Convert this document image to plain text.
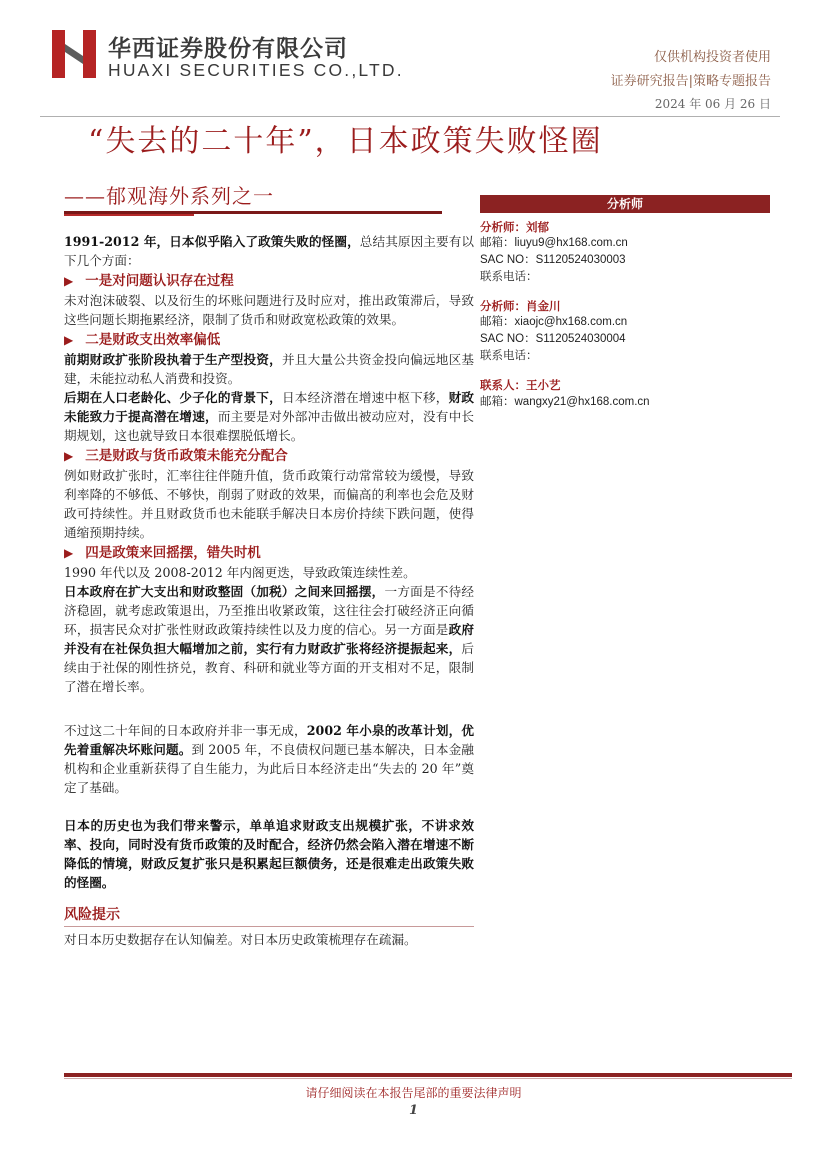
华西证券股份有限公司
HUAXI SECURITIES CO.,LTD.
仅供机构投资者使用
证券研究报告|策略专题报告
2024 年 06 月 26 日
“失去的二十年”，日本政策失败怪圈
——郁观海外系列之一

1991-2012 年，日本似乎陷入了政策失败的怪圈，总结其原因主要有以下几个方面：

▶ 一是对问题认识存在过程

未对泡沫破裂、以及衍生的坏账问题进行及时应对，推出政策滞后，导致这些问题长期拖累经济，限制了货币和财政宽松政策的效果。

▶ 二是财政支出效率偏低

前期财政扩张阶段执着于生产型投资，并且大量公共资金投向偏远地区基建，未能拉动私人消费和投资。

后期在人口老龄化、少子化的背景下，日本经济潜在增速中枢下移，财政未能致力于提高潜在增速，而主要是对外部冲击做出被动应对，没有中长期规划，这也就导致日本很难摆脱低增长。

▶ 三是财政与货币政策未能充分配合

例如财政扩张时，汇率往往伴随升值，货币政策行动常常较为缓慢，导致利率降的不够低、不够快，削弱了财政的效果，而偏高的利率也会危及财政可持续性。并且财政货币也未能联手解决日本房价持续下跌问题，使得通缩预期持续。

▶ 四是政策来回摇摆，错失时机

1990 年代以及 2008-2012 年内阁更迭，导致政策连续性差。

日本政府在扩大支出和财政整固（加税）之间来回摇摆，一方面是不待经济稳固，就考虑政策退出，乃至推出收紧政策，这往往会打破经济正向循环，损害民众对扩张性财政政策持续性以及力度的信心。另一方面是政府并没有在社保负担大幅增加之前，实行有力财政扩张将经济提振起来，后续由于社保的刚性挤兑，教育、科研和就业等方面的开支相对不足，限制了潜在增长率。

不过这二十年间的日本政府并非一事无成，2002 年小泉的改革计划，优先着重解决坏账问题。到 2005 年，不良债权问题已基本解决，日本金融机构和企业重新获得了自生能力，为此后日本经济走出“失去的 20 年”奠定了基础。

日本的历史也为我们带来警示，单单追求财政支出规模扩张，不讲求效率、投向，同时没有货币政策的及时配合，经济仍然会陷入潜在增速不断降低的情境，财政反复扩张只是积累起巨额债务，还是很难走出政策失败的怪圈。

风险提示

对日本历史数据存在认知偏差。对日本历史政策梳理存在疏漏。

分析师
分析师：刘郁
邮箱：liuyu9@hx168.com.cn
SAC NO：S1120524030003
联系电话：
分析师：肖金川
邮箱：xiaojc@hx168.com.cn
SAC NO：S1120524030004
联系电话：
联系人：王小艺
邮箱：wangxy21@hx168.com.cn
请仔细阅读在本报告尾部的重要法律声明
1
